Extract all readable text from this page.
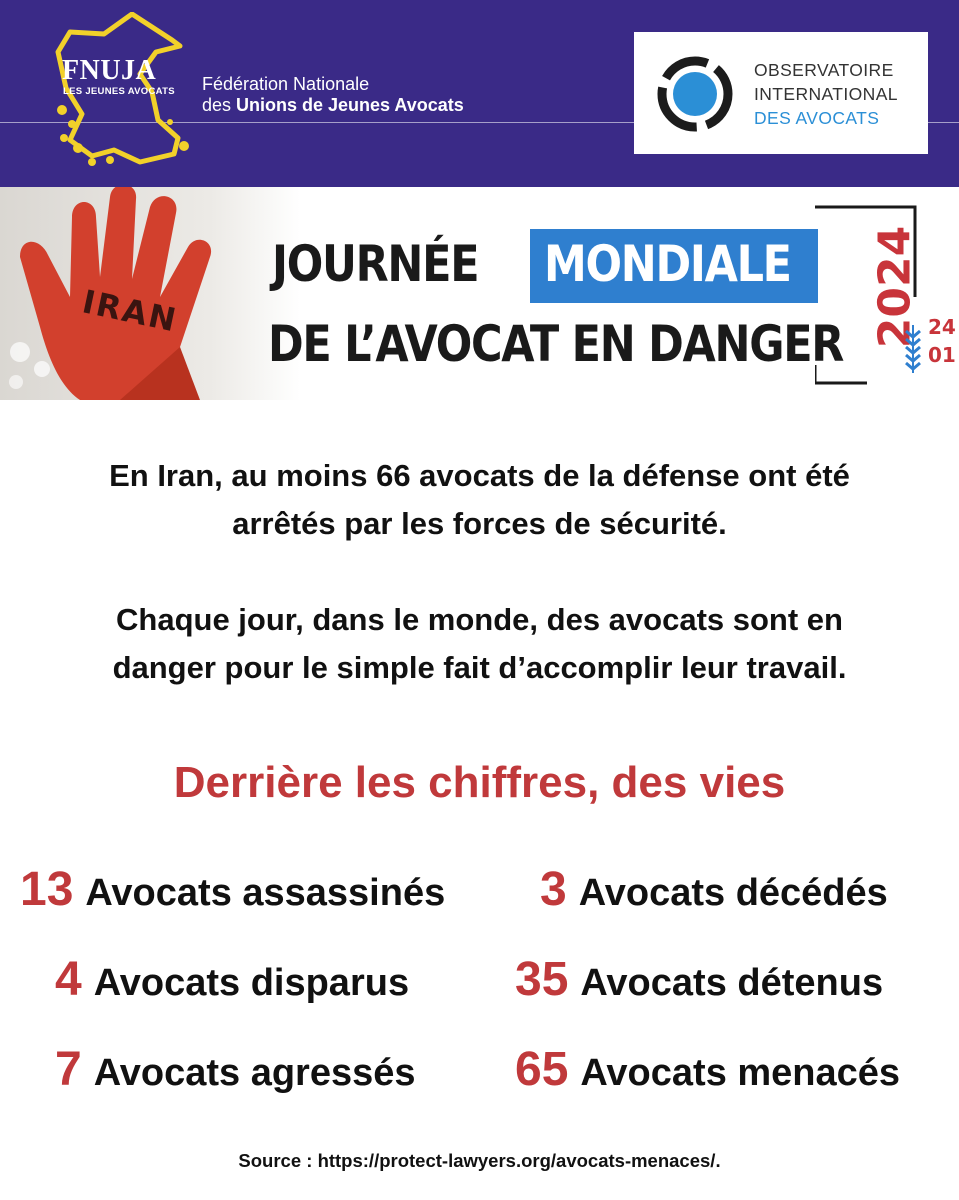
FNUJA
LES JEUNES AVOCATS Fédération Nationale
des Unions de Jeunes Avocats
OBSERVATOIRE
INTERNATIONAL
DES AVOCATS
IRAN
JOURNÉE MONDIALE
DE L’AVOCAT EN DANGER 2024 24
01
En Iran, au moins 66 avocats de la défense ont été
arrêtés par les forces de sécurité.
Chaque jour, dans le monde, des avocats sont en
danger pour le simple fait d’accomplir leur travail.
Derrière les chiffres, des vies
13 Avocats assassinés 3 Avocats décédés
4 Avocats disparus 35 Avocats détenus
7 Avocats agressés 65 Avocats menacés
Source : https://protect-lawyers.org/avocats-menaces/.
